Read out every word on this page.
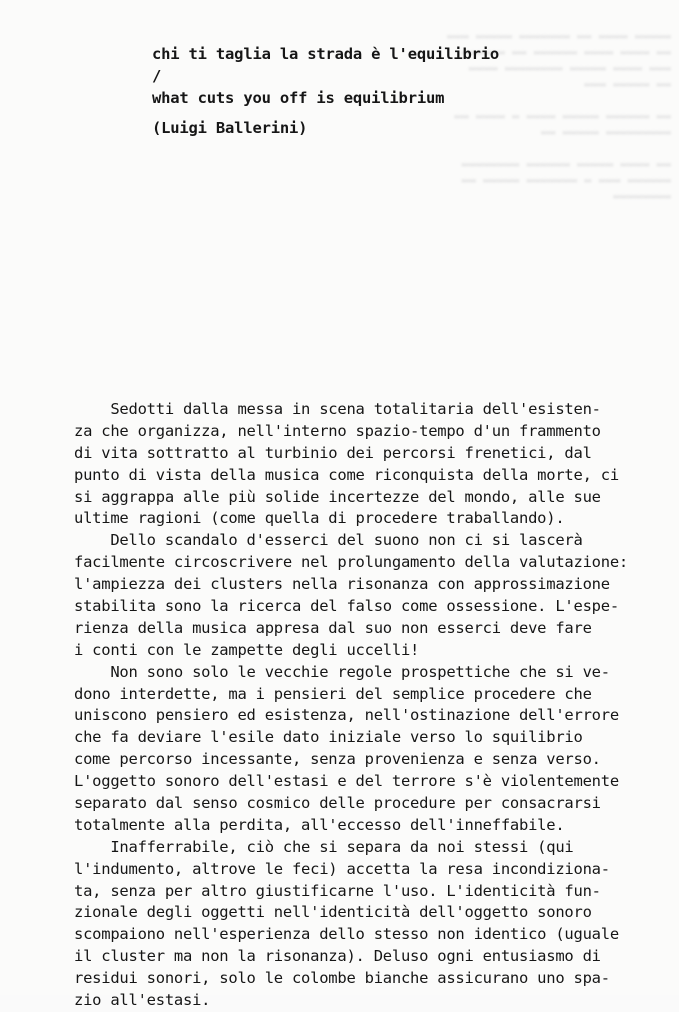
▬▬▬ ▬▬▬▬▬ ▬▬▬▬▬▬▬ ▬▬ ▬▬▬▬ ▬▬▬▬▬
▬▬▬▬▬▬ ▬▬ ▬▬▬▬▬▬ ▬▬▬▬ ▬▬▬▬ ▬▬
▬▬▬▬ ▬▬▬▬▬▬▬▬ ▬▬▬▬▬ ▬▬▬▬ ▬▬▬
▬▬▬ ▬▬▬▬▬ ▬▬

▬▬ ▬▬▬▬ ▬ ▬▬▬▬ ▬▬▬▬▬ ▬▬▬▬▬▬ ▬▬
▬▬ ▬▬▬▬▬ ▬▬▬▬▬▬▬▬▬

▬▬▬▬▬▬▬▬ ▬▬▬▬▬▬ ▬▬▬▬▬ ▬▬▬▬ ▬▬
▬▬ ▬▬▬▬▬ ▬▬▬▬▬▬▬ ▬ ▬▬▬ ▬▬▬▬▬▬
▬▬▬▬▬▬▬▬
chi ti taglia la strada è l'equilibrio
/
what cuts you off is equilibrium
(Luigi Ballerini)
Sedotti dalla messa in scena totalitaria dell'esisten-
za che organizza, nell'interno spazio-tempo d'un frammento
di vita sottratto al turbinio dei percorsi frenetici, dal
punto di vista della musica come riconquista della morte, ci
si aggrappa alle più solide incertezze del mondo, alle sue
ultime ragioni (come quella di procedere traballando).
Dello scandalo d'esserci del suono non ci si lascerà
facilmente circoscrivere nel prolungamento della valutazione:
l'ampiezza dei clusters nella risonanza con approssimazione
stabilita sono la ricerca del falso come ossessione. L'espe-
rienza della musica appresa dal suo non esserci deve fare
i conti con le zampette degli uccelli!
Non sono solo le vecchie regole prospettiche che si ve-
dono interdette, ma i pensieri del semplice procedere che
uniscono pensiero ed esistenza, nell'ostinazione dell'errore
che fa deviare l'esile dato iniziale verso lo squilibrio
come percorso incessante, senza provenienza e senza verso.
L'oggetto sonoro dell'estasi e del terrore s'è violentemente
separato dal senso cosmico delle procedure per consacrarsi
totalmente alla perdita, all'eccesso dell'inneffabile.
Inafferrabile, ciò che si separa da noi stessi (qui
l'indumento, altrove le feci) accetta la resa incondiziona-
ta, senza per altro giustificarne l'uso. L'identicità fun-
zionale degli oggetti nell'identicità dell'oggetto sonoro
scompaiono nell'esperienza dello stesso non identico (uguale
il cluster ma non la risonanza). Deluso ogni entusiasmo di
residui sonori, solo le colombe bianche assicurano uno spa-
zio all'estasi.
